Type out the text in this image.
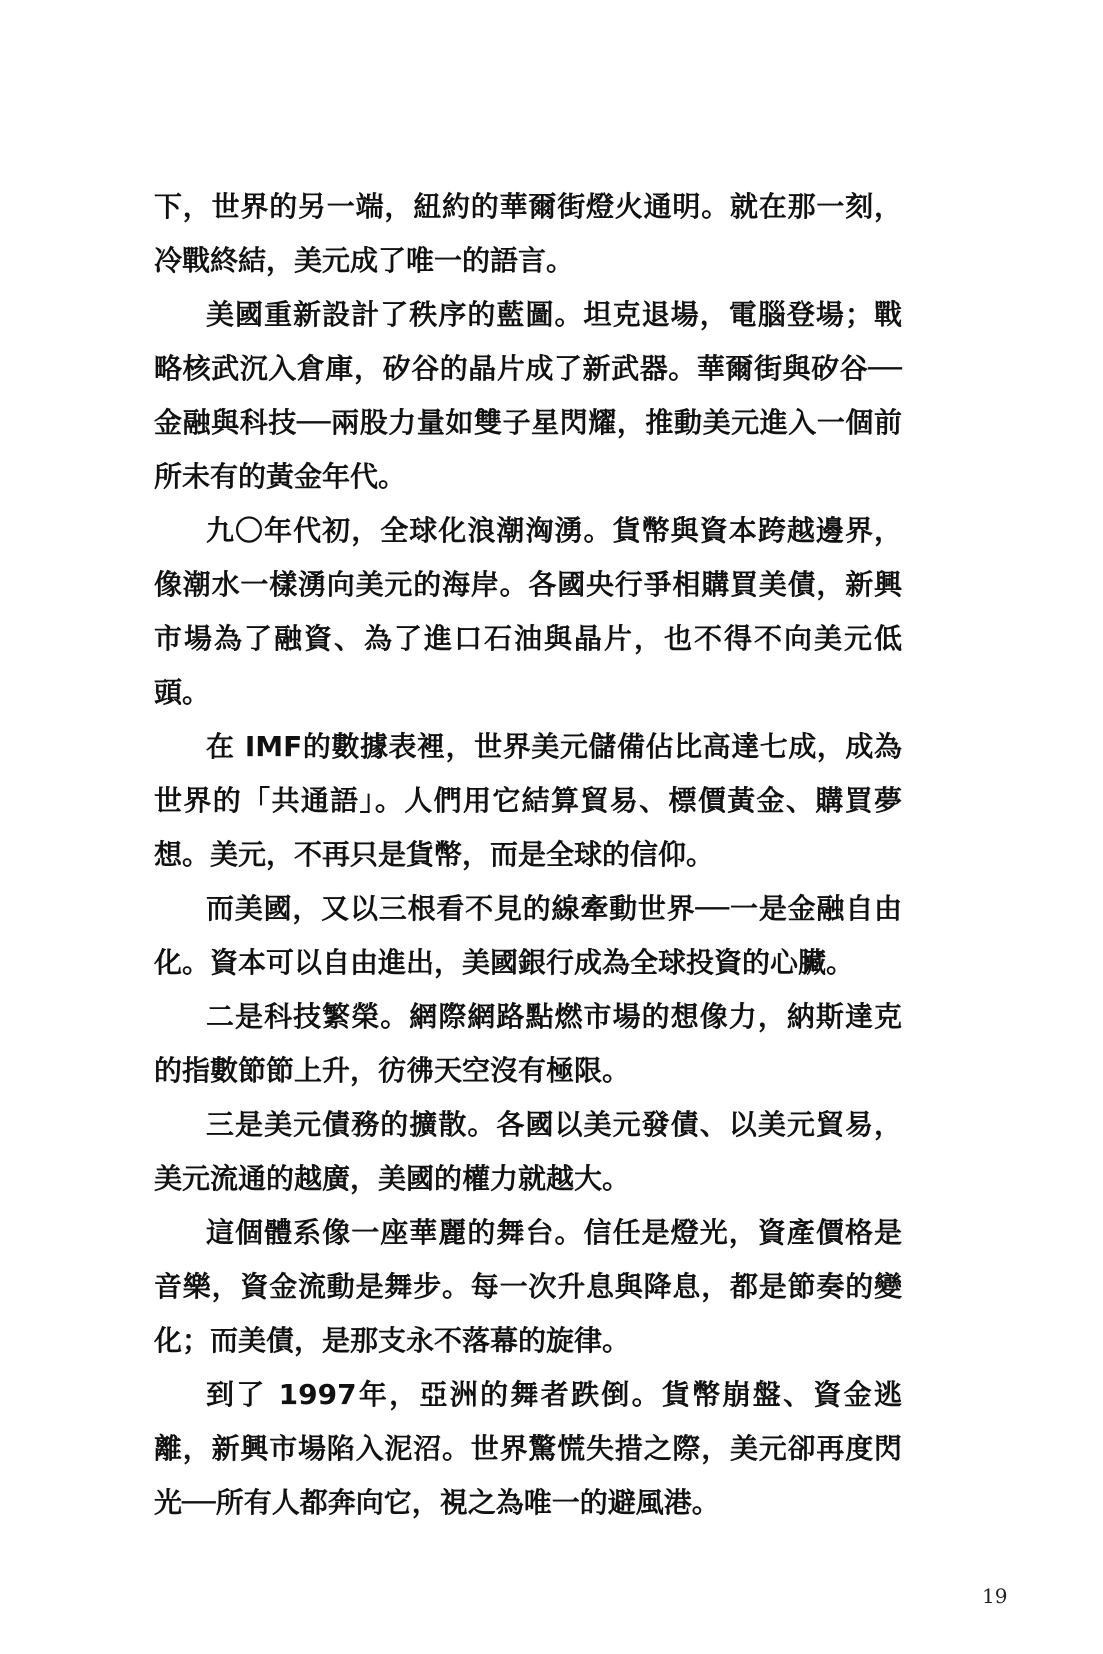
下，世界的另一端，紐約的華爾街燈火通明。就在那一刻，冷戰終結，美元成了唯一的語言。

美國重新設計了秩序的藍圖。坦克退場，電腦登場；戰略核武沉入倉庫，矽谷的晶片成了新武器。華爾街與矽谷──金融與科技──兩股力量如雙子星閃耀，推動美元進入一個前所未有的黃金年代。

九〇年代初，全球化浪潮洶湧。貨幣與資本跨越邊界，像潮水一樣湧向美元的海岸。各國央行爭相購買美債，新興市場為了融資、為了進口石油與晶片，也不得不向美元低頭。

在 IMF的數據表裡，世界美元儲備佔比高達七成，成為世界的「共通語」。人們用它結算貿易、標價黃金、購買夢想。美元，不再只是貨幣，而是全球的信仰。

而美國，又以三根看不見的線牽動世界──一是金融自由化。資本可以自由進出，美國銀行成為全球投資的心臟。

二是科技繁榮。網際網路點燃市場的想像力，納斯達克的指數節節上升，彷彿天空沒有極限。

三是美元債務的擴散。各國以美元發債、以美元貿易，美元流通的越廣，美國的權力就越大。

這個體系像一座華麗的舞台。信任是燈光，資產價格是音樂，資金流動是舞步。每一次升息與降息，都是節奏的變化；而美債，是那支永不落幕的旋律。

到了 1997年，亞洲的舞者跌倒。貨幣崩盤、資金逃離，新興市場陷入泥沼。世界驚慌失措之際，美元卻再度閃光──所有人都奔向它，視之為唯一的避風港。

19
